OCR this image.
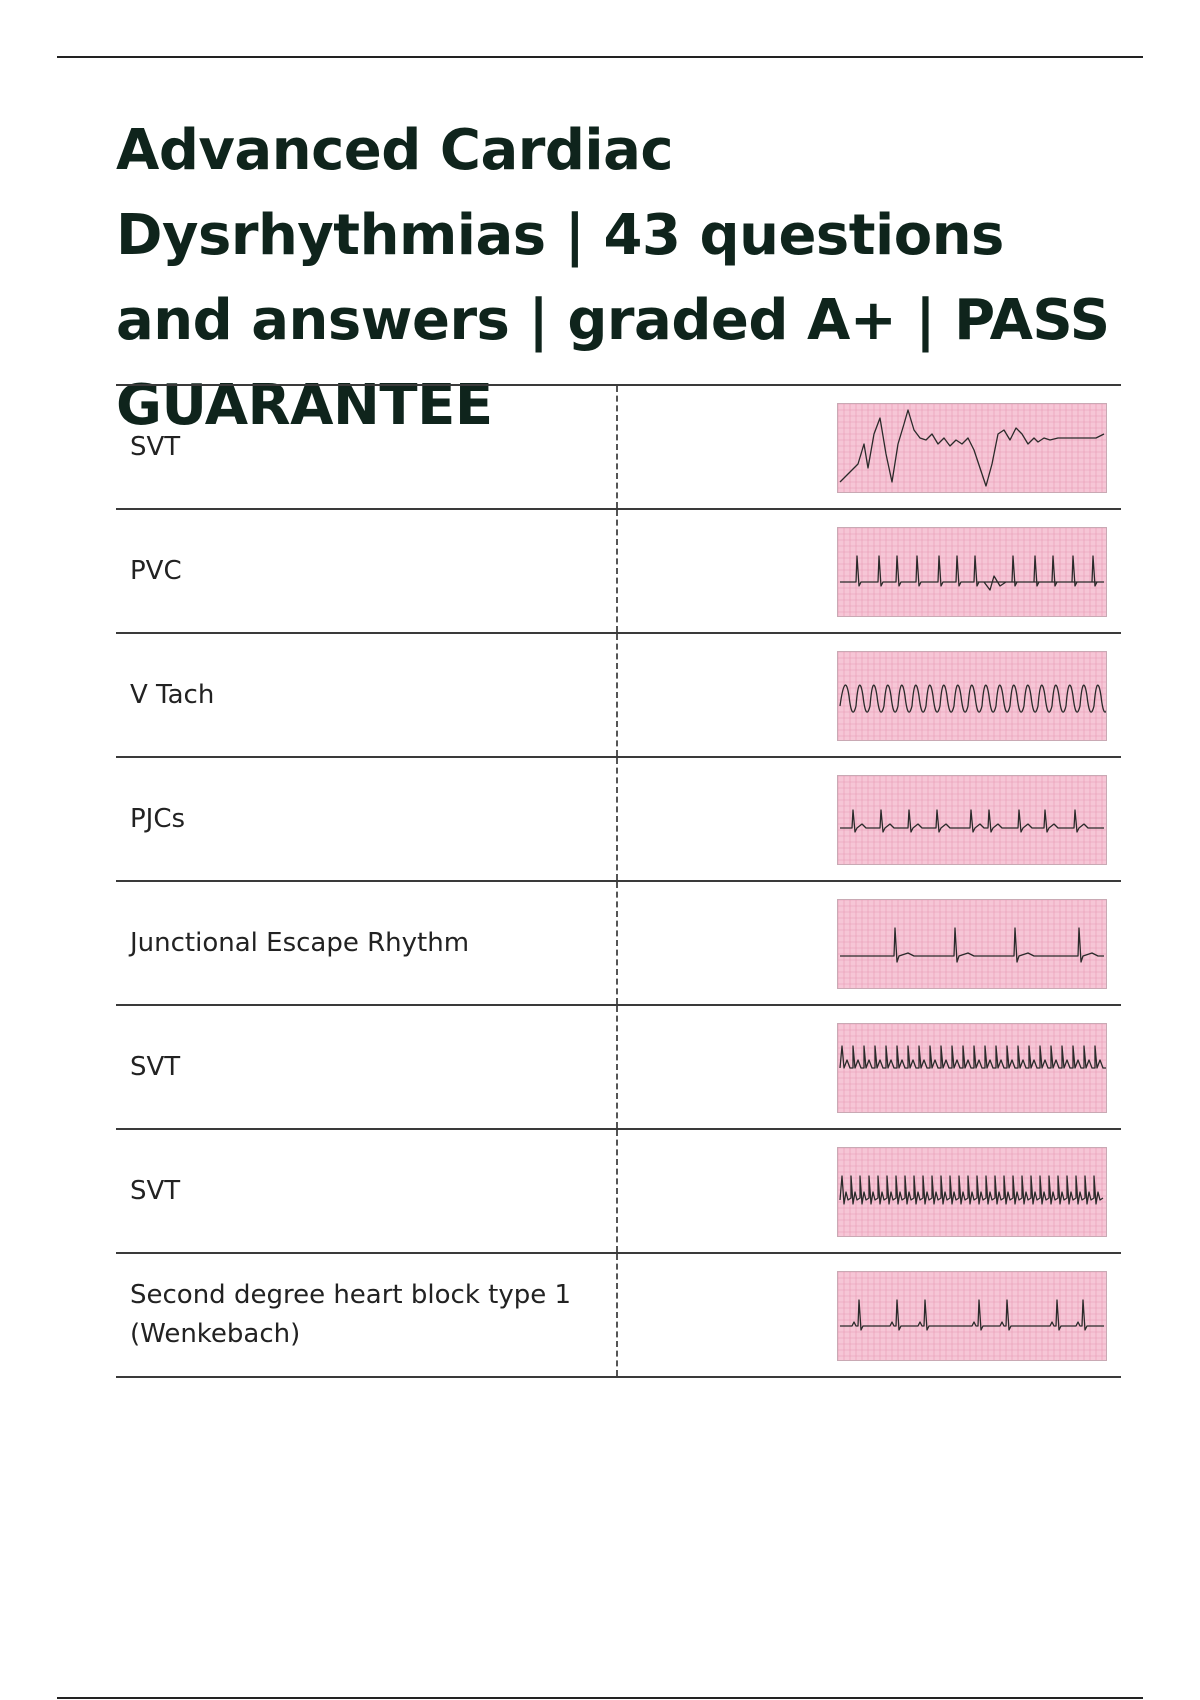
Advanced Cardiac Dysrhythmias | 43 questions and answers | graded A+ | PASS GUARANTEE
SVT
PVC
V Tach
PJCs
Junctional Escape Rhythm
SVT
SVT
Second degree heart block type 1
(Wenkebach)
